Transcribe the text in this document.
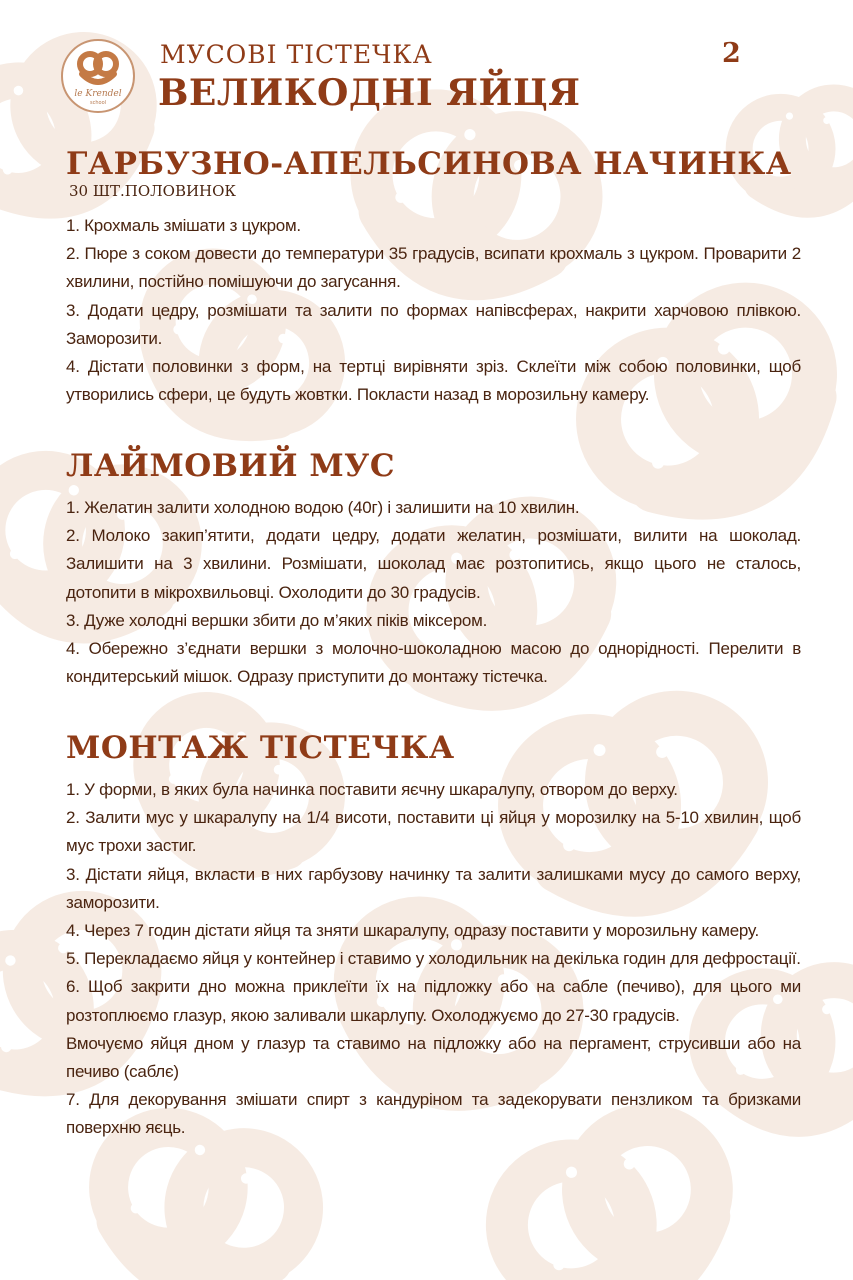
le Krendel
school
МУСОВІ ТІСТЕЧКА
ВЕЛИКОДНІ ЯЙЦЯ
2
ГАРБУЗНО-АПЕЛЬСИНОВА НАЧИНКА
30 ШТ.ПОЛОВИНОК

1. Крохмаль змішати з цукром.

2. Пюре з соком довести до температури 35 градусів, всипати крохмаль з цукром. Проварити 2 хвилини, постійно помішуючи до загусання.

3. Додати цедру, розмішати та залити по формах напівсферах, накрити харчовою плівкою. Заморозити.

4. Дістати половинки з форм, на тертці вирівняти зріз. Склеїти між собою половинки, щоб утворились сфери, це будуть жовтки. Покласти назад в морозильну камеру.

ЛАЙМОВИЙ МУС

1. Желатин залити холодною водою (40г) і залишити на 10 хвилин.

2. Молоко закип’ятити, додати цедру, додати желатин, розмішати, вилити на шоколад. Залишити на 3 хвилини. Розмішати, шоколад має розтопитись, якщо цього не сталось, дотопити в мікрохвильовці. Охолодити до 30 градусів.

3. Дуже холодні вершки збити до м’яких піків міксером.

4. Обережно з’єднати вершки з молочно-шоколадною масою до однорідності. Перелити в кондитерський мішок. Одразу приступити до монтажу тістечка.

МОНТАЖ ТІСТЕЧКА

1. У форми, в яких була начинка поставити яєчну шкаралупу, отвором до верху.

2. Залити мус у шкаралупу на 1/4 висоти, поставити ці яйця у морозилку на 5-10 хвилин, щоб мус трохи застиг.

3. Дістати яйця, вкласти в них гарбузову начинку та залити залишками мусу до самого верху, заморозити.

4. Через 7 годин дістати яйця та зняти шкаралупу, одразу поставити у морозильну камеру.

5. Перекладаємо яйця у контейнер і ставимо у холодильник на декілька годин для дефростації.

6. Щоб закрити дно можна приклеїти їх на підложку або на сабле (печиво), для цього ми розтоплюємо глазур, якою заливали шкарлупу. Охолоджуємо до 27-30 градусів.

Вмочуємо яйця дном у глазур та ставимо на підложку або на пергамент, струсивши або на печиво (саблє)

7. Для декорування змішати спирт з кандуріном та задекорувати пензликом та бризками поверхню яєць.
